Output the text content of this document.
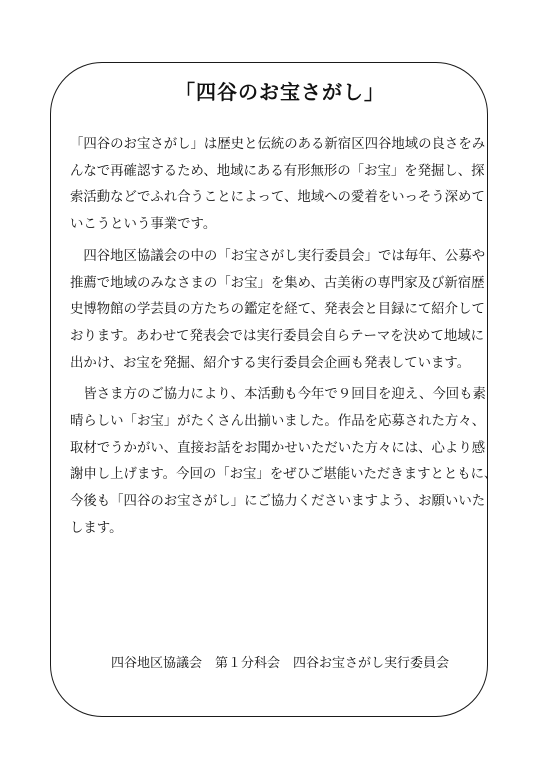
「四谷のお宝さがし」

「四谷のお宝さがし」は歴史と伝統のある新宿区四谷地域の良さをみ
んなで再確認するため、地域にある有形無形の「お宝」を発掘し、探
索活動などでふれ合うことによって、地域への愛着をいっそう深めて
いこうという事業です。

　四谷地区協議会の中の「お宝さがし実行委員会」では毎年、公募や
推薦で地域のみなさまの「お宝」を集め、古美術の専門家及び新宿歴
史博物館の学芸員の方たちの鑑定を経て、発表会と目録にて紹介して
おります。あわせて発表会では実行委員会自らテーマを決めて地域に
出かけ、お宝を発掘、紹介する実行委員会企画も発表しています。

　皆さま方のご協力により、本活動も今年で９回目を迎え、今回も素
晴らしい「お宝」がたくさん出揃いました。作品を応募された方々、
取材でうかがい、直接お話をお聞かせいただいた方々には、心より感
謝申し上げます。今回の「お宝」をぜひご堪能いただきますとともに、
今後も「四谷のお宝さがし」にご協力くださいますよう、お願いいた
します。

四谷地区協議会　第１分科会　四谷お宝さがし実行委員会
